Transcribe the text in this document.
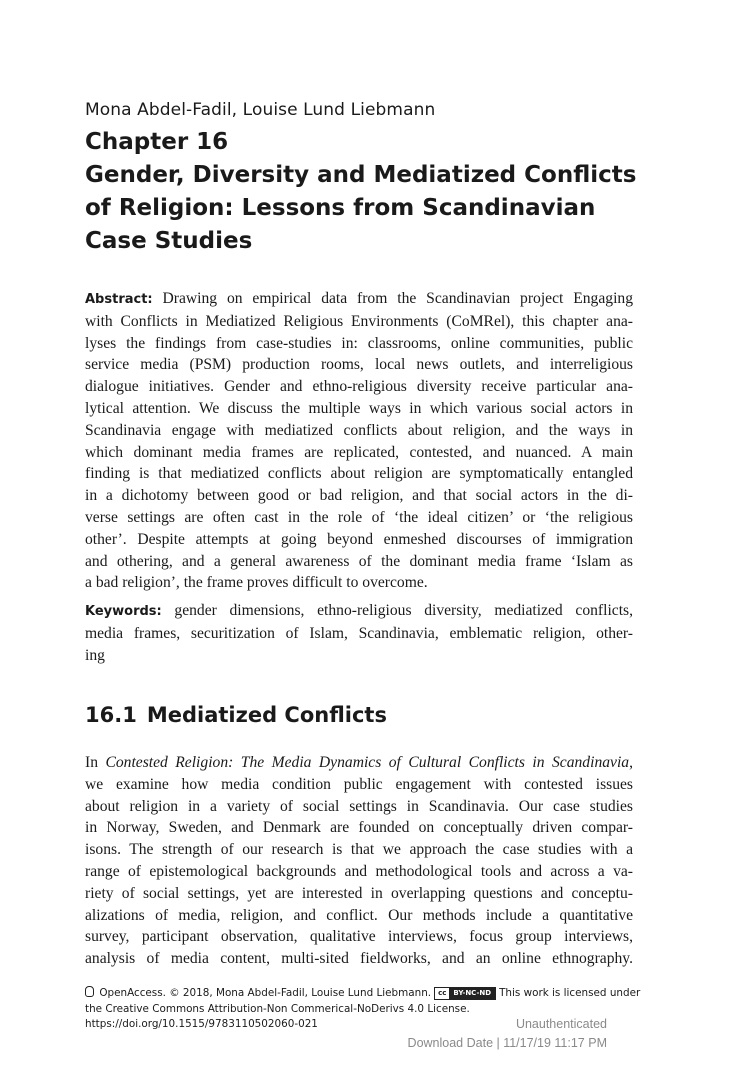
Mona Abdel-Fadil, Louise Lund Liebmann
Chapter 16
Gender, Diversity and Mediatized Conflicts
of Religion: Lessons from Scandinavian
Case Studies
Abstract: Drawing on empirical data from the Scandinavian project Engaging
with Conflicts in Mediatized Religious Environments (CoMRel), this chapter ana-
lyses the findings from case-studies in: classrooms, online communities, public
service media (PSM) production rooms, local news outlets, and interreligious
dialogue initiatives. Gender and ethno-religious diversity receive particular ana-
lytical attention. We discuss the multiple ways in which various social actors in
Scandinavia engage with mediatized conflicts about religion, and the ways in
which dominant media frames are replicated, contested, and nuanced. A main
finding is that mediatized conflicts about religion are symptomatically entangled
in a dichotomy between good or bad religion, and that social actors in the di-
verse settings are often cast in the role of ‘the ideal citizen’ or ‘the religious
other’. Despite attempts at going beyond enmeshed discourses of immigration
and othering, and a general awareness of the dominant media frame ‘Islam as
a bad religion’, the frame proves difficult to overcome.
Keywords: gender dimensions, ethno-religious diversity, mediatized conflicts,
media frames, securitization of Islam, Scandinavia, emblematic religion, other-
ing
16.1 Mediatized Conflicts
In Contested Religion: The Media Dynamics of Cultural Conflicts in Scandinavia,
we examine how media condition public engagement with contested issues
about religion in a variety of social settings in Scandinavia. Our case studies
in Norway, Sweden, and Denmark are founded on conceptually driven compar-
isons. The strength of our research is that we approach the case studies with a
range of epistemological backgrounds and methodological tools and across a va-
riety of social settings, yet are interested in overlapping questions and conceptu-
alizations of media, religion, and conflict. Our methods include a quantitative
survey, participant observation, qualitative interviews, focus group interviews,
analysis of media content, multi-sited fieldworks, and an online ethnography.
OpenAccess. © 2018, Mona Abdel-Fadil, Louise Lund Liebmann. cc BY-NC-ND This work is licensed under
the Creative Commons Attribution-Non Commerical-NoDerivs 4.0 License.
https://doi.org/10.1515/9783110502060-021	Unauthenticated
Download Date | 11/17/19 11:17 PM
